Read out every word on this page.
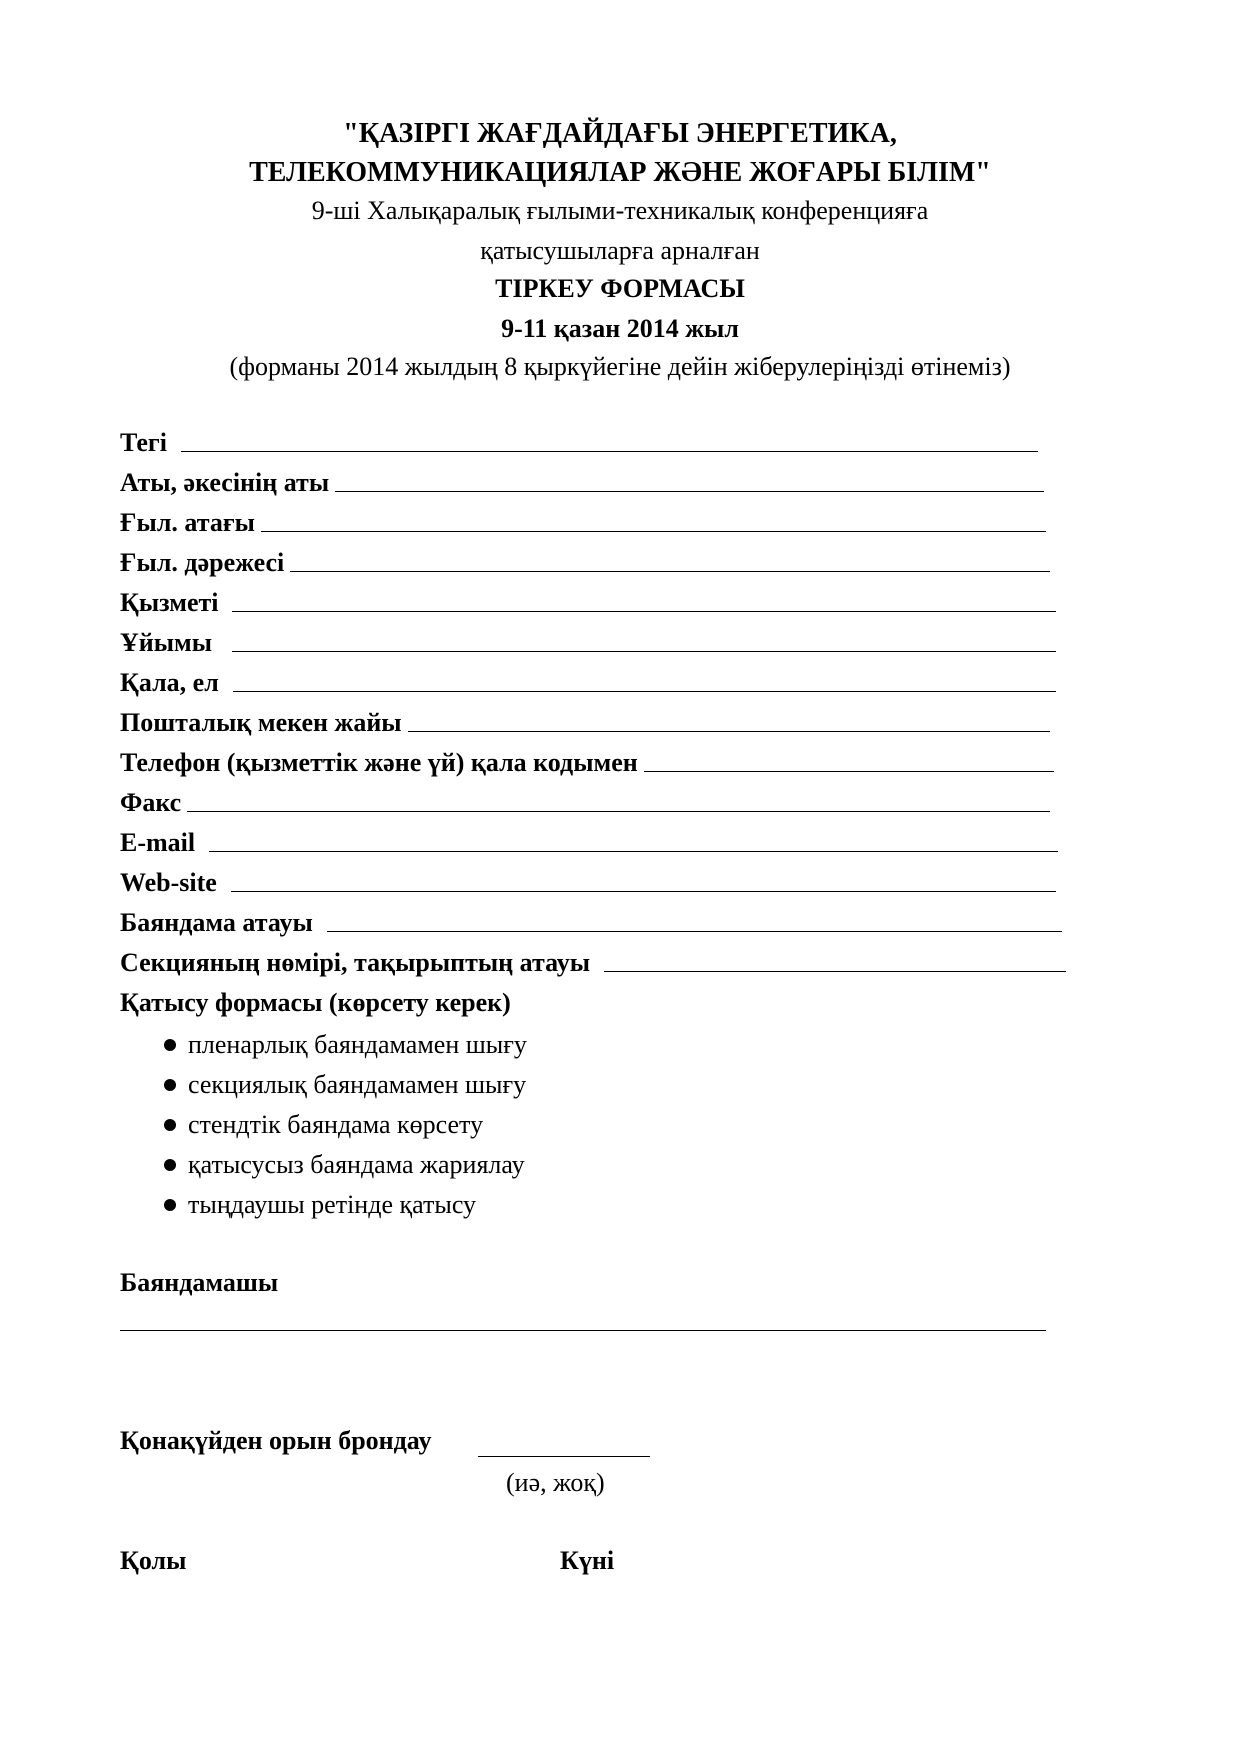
"ҚАЗІРГІ ЖАҒДАЙДАҒЫ ЭНЕРГЕТИКА,
ТЕЛЕКОММУНИКАЦИЯЛАР ЖӘНЕ ЖОҒАРЫ БІЛІМ"
9-ші Халықаралық ғылыми-техникалық конференцияға
қатысушыларға арналған
ТІРКЕУ ФОРМАСЫ
9-11 қазан 2014 жыл
(форманы 2014 жылдың 8 қыркүйегіне дейін жіберулеріңізді өтінеміз)
Тегі
Аты, әкесінің аты
Ғыл. атағы
Ғыл. дәрежесі
Қызметі
Ұйымы
Қала, ел
Пошталық мекен жайы
Телефон (қызметтік және үй) қала кодымен
Факс
E-mail
Web-site
Баяндама атауы
Секцияның нөмірі, тақырыптың атауы
Қатысу формасы (көрсету керек)
пленарлық баяндамамен шығу
секциялық баяндамамен шығу
стендтік баяндама көрсету
қатысусыз баяндама жариялау
тыңдаушы ретінде қатысу
Баяндамашы
Қонақүйден орын брондау
(иә, жоқ)
Қолы	Күні
